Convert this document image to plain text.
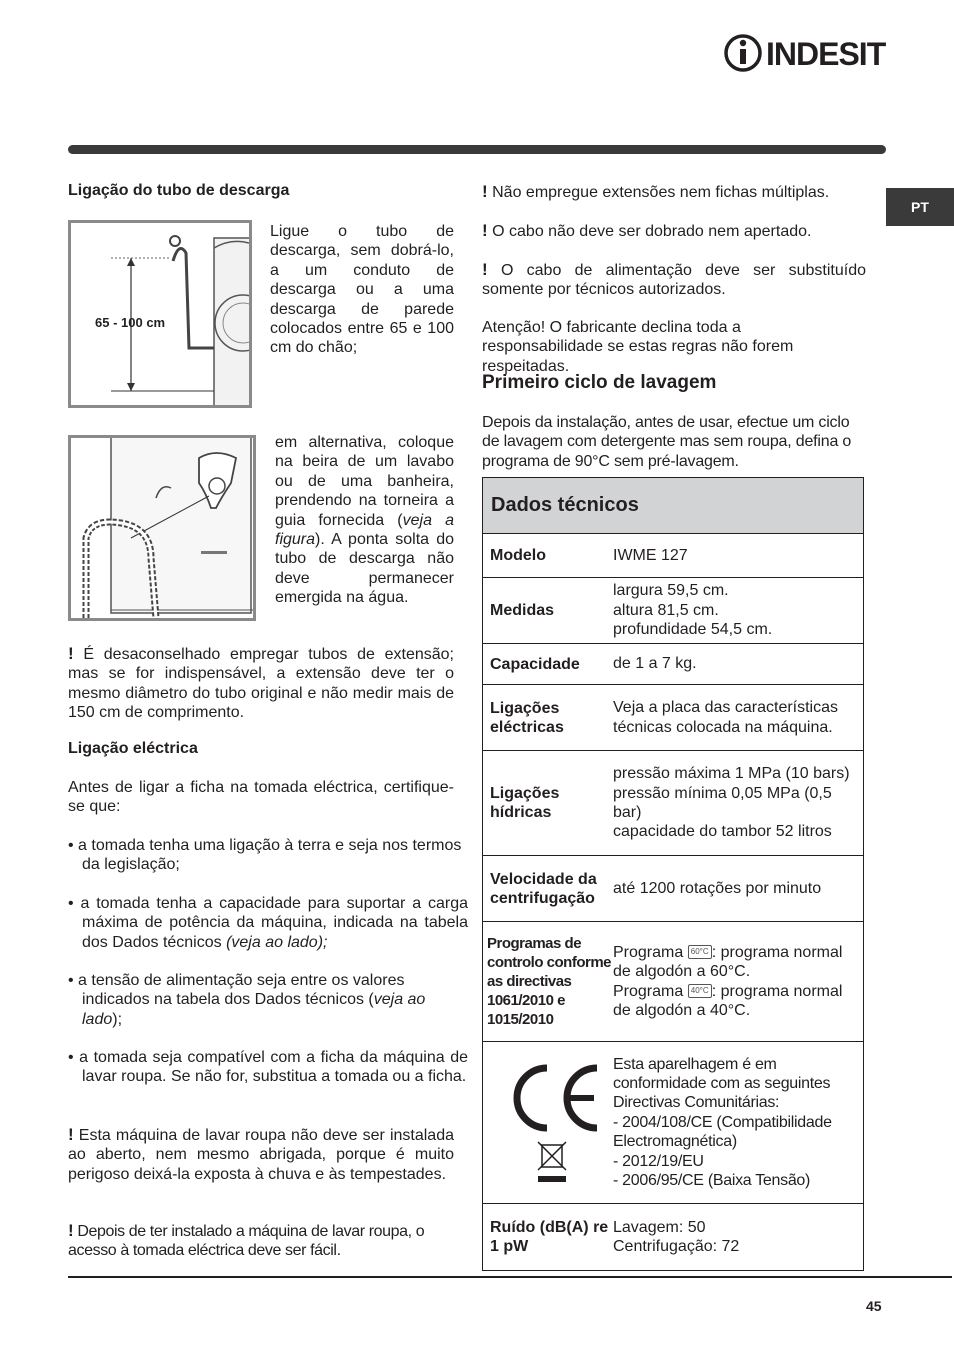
INDESIT
PT
Ligação do tubo de descarga
65 - 100 cm
Ligue o tubo de descarga, sem dobrá-lo, a um conduto de descarga ou a uma descarga de parede colocados entre 65 e 100 cm do chão;
em alternativa, coloque na beira de um lavabo ou de uma banheira, prendendo na torneira a guia fornecida (veja a figura). A ponta solta do tubo de descarga não deve permanecer emergida na água.
! É desaconselhado empregar tubos de extensão; mas se for indispensável, a extensão deve ter o mesmo diâmetro do tubo original e não medir mais de 150 cm de comprimento.
Ligação eléctrica
Antes de ligar a ficha na tomada eléctrica, certifique-se que:
• a tomada tenha uma ligação à terra e seja nos termos da legislação;
• a tomada tenha a capacidade para suportar a carga máxima de potência da máquina, indicada na tabela dos Dados técnicos (veja ao lado);
• a tensão de alimentação seja entre os valores indicados na tabela dos Dados técnicos (veja ao lado);
• a tomada seja compatível com a ficha da máquina de lavar roupa. Se não for, substitua a tomada ou a ficha.
! Esta máquina de lavar roupa não deve ser instalada ao aberto, nem mesmo abrigada, porque é muito perigoso deixá-la exposta à chuva e às tempestades.
! Depois de ter instalado a máquina de lavar roupa, o acesso à tomada eléctrica deve ser fácil.
! Não empregue extensões nem fichas múltiplas.
! O cabo não deve ser dobrado nem apertado.
! O cabo de alimentação deve ser substituído somente por técnicos autorizados.
Atenção! O fabricante declina toda a responsabilidade se estas regras não forem respeitadas.
Primeiro ciclo de lavagem
Depois da instalação, antes de usar, efectue um ciclo de lavagem com detergente mas sem roupa, defina o programa de 90°C sem pré-lavagem.
Dados técnicos
Modelo	IWME 127
Medidas
largura 59,5 cm.
altura 81,5 cm.
profundidade 54,5 cm.
Capacidade	de 1 a 7 kg.
Ligações eléctricas
Veja a placa das características técnicas colocada na máquina.
Ligações hídricas
pressão máxima 1 MPa (10 bars) pressão mínima 0,05 MPa (0,5 bar)
capacidade do tambor 52 litros
Velocidade da centrifugação
até 1200 rotações por minuto
Programas de controlo conforme as directivas 1061/2010 e 1015/2010
Programa 60°C : programa normal de algodón a 60°C.
Programa 40°C : programa normal de algodón a 40°C.
Esta aparelhagem é em conformidade com as seguintes Directivas Comunitárias:
- 2004/108/CE (Compatibilidade Electromagnética)
- 2012/19/EU
- 2006/95/CE (Baixa Tensão)
Ruído (dB(A) re 1 pW
Lavagem: 50
Centrifugação: 72
45
